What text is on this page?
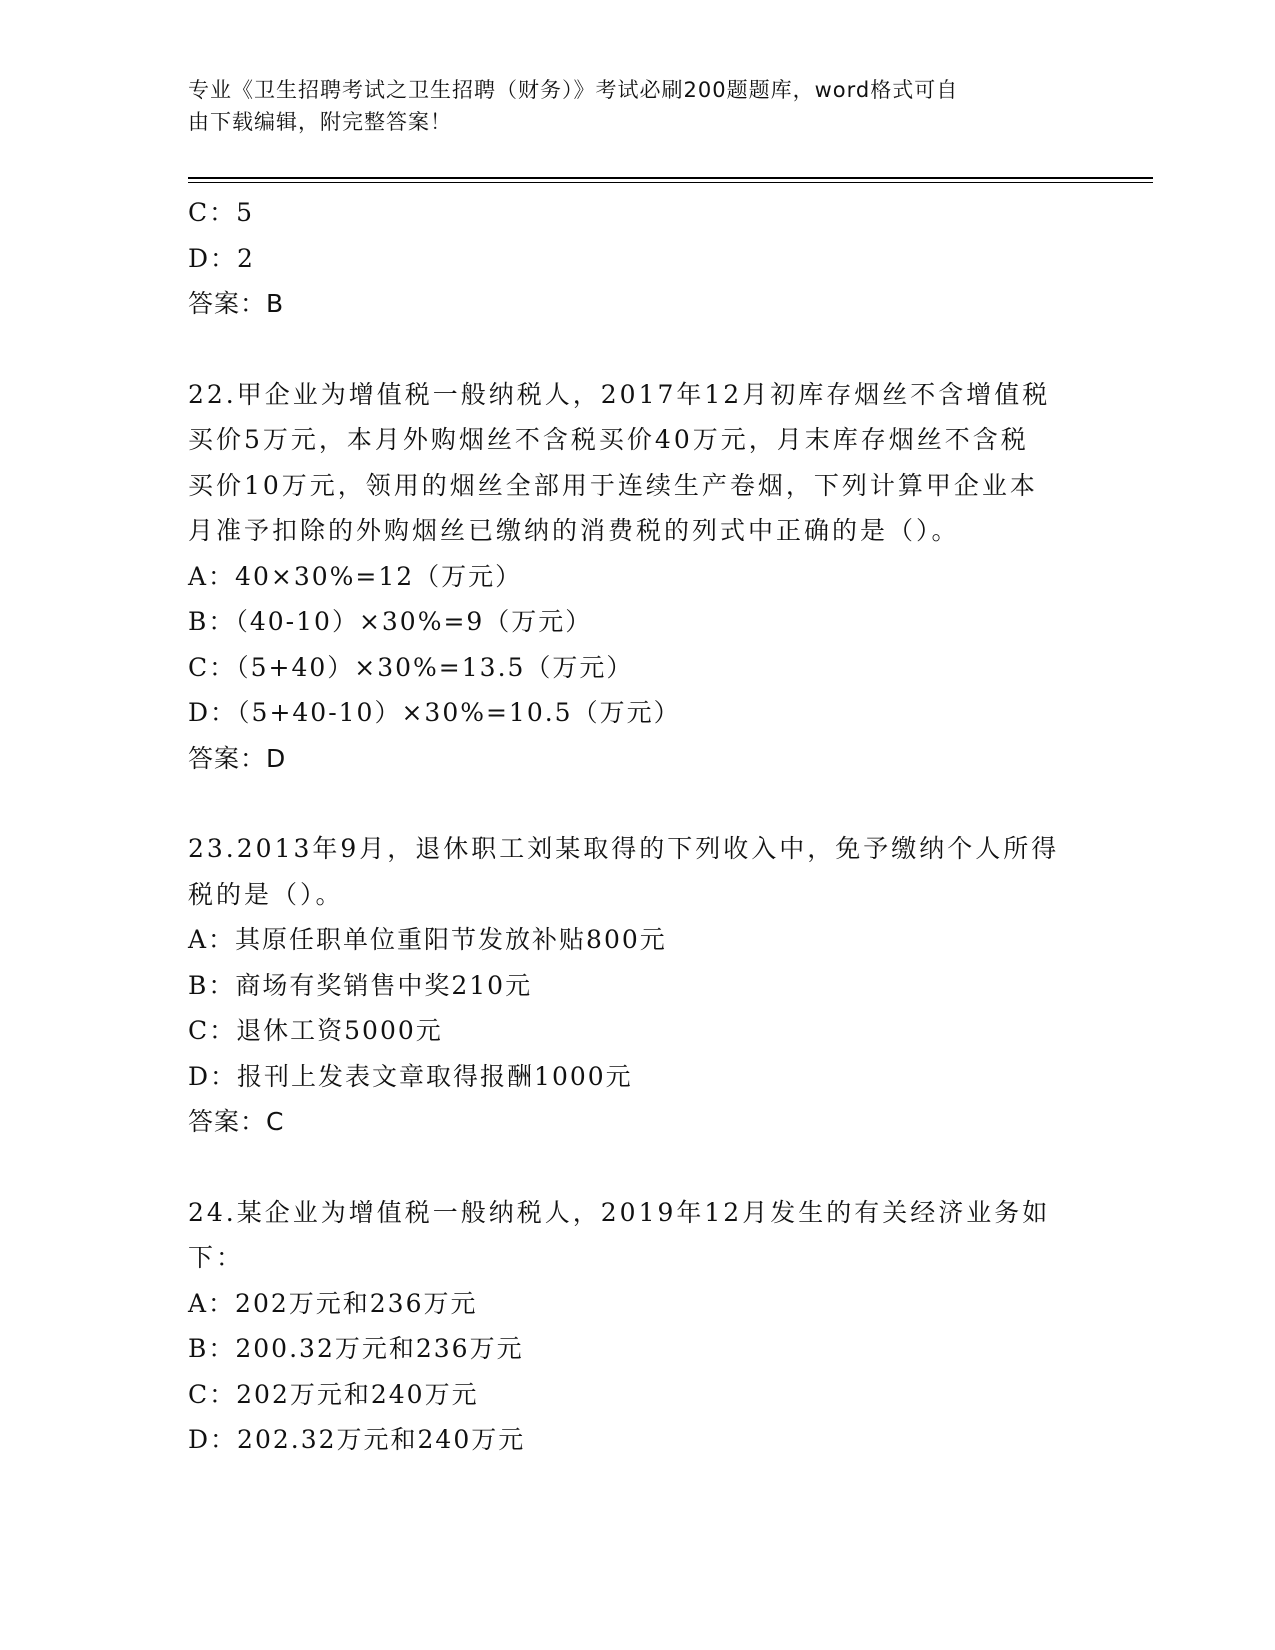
专业《卫生招聘考试之卫生招聘（财务）》考试必刷200题题库，word格式可自
由下载编辑，附完整答案！
C：5
D：2
答案：B
22.甲企业为增值税一般纳税人，2017年12月初库存烟丝不含增值税
买价5万元，本月外购烟丝不含税买价40万元，月末库存烟丝不含税
买价10万元，领用的烟丝全部用于连续生产卷烟，下列计算甲企业本
月准予扣除的外购烟丝已缴纳的消费税的列式中正确的是（）。
A：40×30%=12（万元）
B：（40-10）×30%=9（万元）
C：（5+40）×30%=13.5（万元）
D：（5+40-10）×30%=10.5（万元）
答案：D
23.2013年9月，退休职工刘某取得的下列收入中，免予缴纳个人所得
税的是（）。
A：其原任职单位重阳节发放补贴800元
B：商场有奖销售中奖210元
C：退休工资5000元
D：报刊上发表文章取得报酬1000元
答案：C
24.某企业为增值税一般纳税人，2019年12月发生的有关经济业务如
下：
A：202万元和236万元
B：200.32万元和236万元
C：202万元和240万元
D：202.32万元和240万元
